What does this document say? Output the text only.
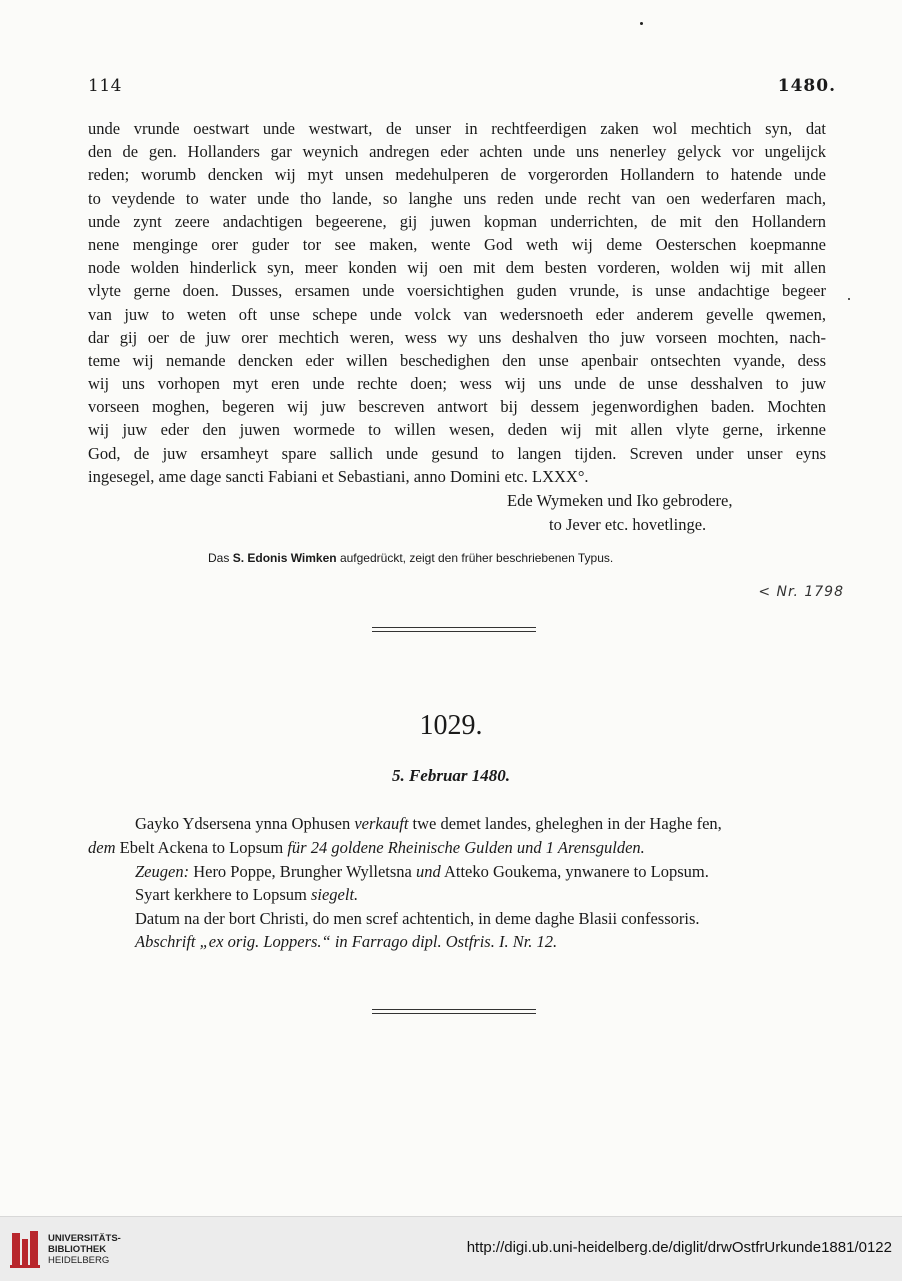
114	1480.
unde vrunde oestwart unde westwart, de unser in rechtfeerdigen zaken wol mechtich syn, dat
den de gen. Hollanders gar weynich andregen eder achten unde uns nenerley gelyck vor ungelijck
reden; worumb dencken wij myt unsen medehulperen de vorgerorden Hollandern to hatende unde
to veydende to water unde tho lande, so langhe uns reden unde recht van oen wederfaren mach,
unde zynt zeere andachtigen begeerene, gij juwen kopman underrichten, de mit den Hollandern
nene menginge orer guder tor see maken, wente God weth wij deme Oesterschen koepmanne
node wolden hinderlick syn, meer konden wij oen mit dem besten vorderen, wolden wij mit allen
vlyte gerne doen. Dusses, ersamen unde voersichtighen guden vrunde, is unse andachtige begeer
van juw to weten oft unse schepe unde volck van wedersnoeth eder anderem gevelle qwemen,
dar gij oer de juw orer mechtich weren, wess wy uns deshalven tho juw vorseen mochten, nach-
teme wij nemande dencken eder willen beschedighen den unse apenbair ontsechten vyande, dess
wij uns vorhopen myt eren unde rechte doen; wess wij uns unde de unse desshalven to juw
vorseen moghen, begeren wij juw bescreven antwort bij dessem jegenwordighen baden. Mochten
wij juw eder den juwen wormede to willen wesen, deden wij mit allen vlyte gerne, irkenne
God, de juw ersamheyt spare sallich unde gesund to langen tijden. Screven under unser eyns
ingesegel, ame dage sancti Fabiani et Sebastiani, anno Domini etc. LXXX°.
Ede Wymeken und Iko gebrodere,
to Jever etc. hovetlinge.
Das S. Edonis Wimken aufgedrückt, zeigt den früher beschriebenen Typus.
< Nr. 1798
1029.
5. Februar 1480.
Gayko Ydsersena ynna Ophusen verkauft twe demet landes, gheleghen in der Haghe fen,
dem Ebelt Ackena to Lopsum für 24 goldene Rheinische Gulden und 1 Arensgulden.
Zeugen: Hero Poppe, Brungher Wylletsna und Atteko Goukema, ynwanere to Lopsum.
Syart kerkhere to Lopsum siegelt.
Datum na der bort Christi, do men scref achtentich, in deme daghe Blasii confessoris.
Abschrift „ex orig. Loppers.“ in Farrago dipl. Ostfris. I. Nr. 12.
UNIVERSITÄTS-
BIBLIOTHEK
HEIDELBERG
http://digi.ub.uni-heidelberg.de/diglit/drwOstfrUrkunde1881/0122
